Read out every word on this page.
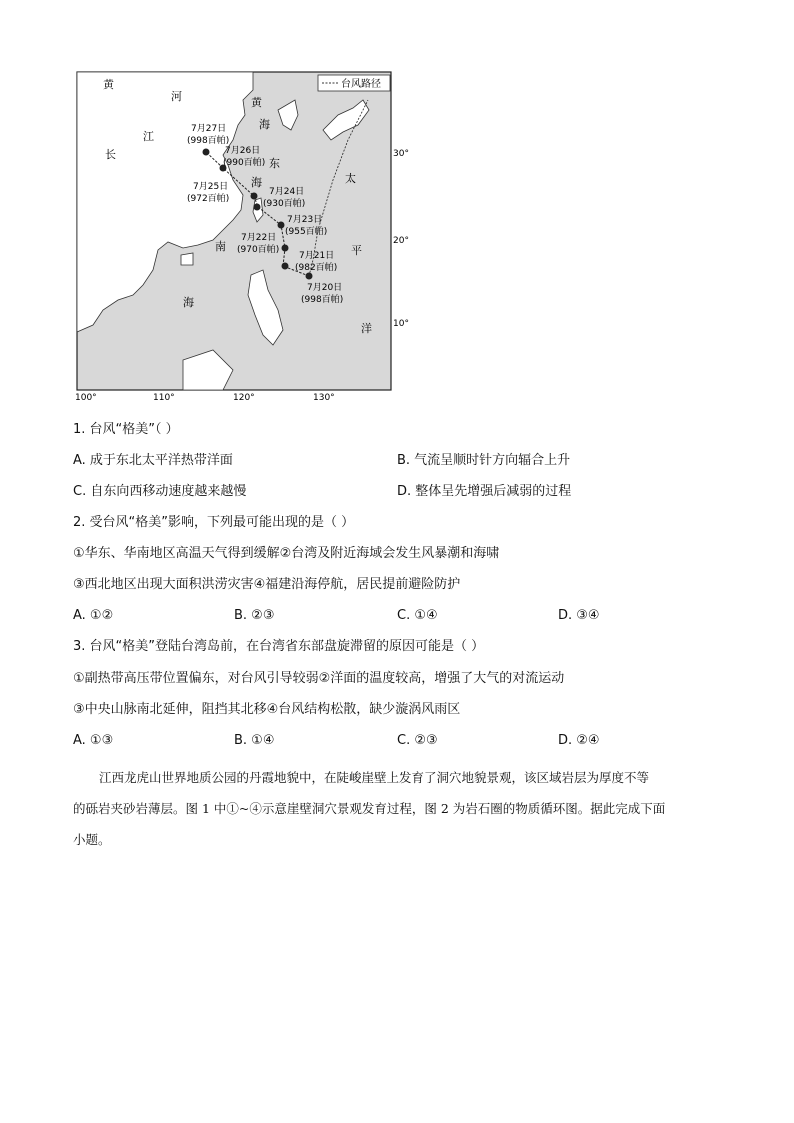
30°
20°
10°
100°	110°	120°	130°
台风路径
黄
河
长
江
黄
海
东
海	太
平
洋
南
海
7月20日
(998百帕)
7月21日
(982百帕)
7月22日
(970百帕)
7月23日
(955百帕)
7月24日
(930百帕)
7月25日
(972百帕)
7月26日
(990百帕)
7月27日
(998百帕)
1. 台风“格美”（ ）
A. 成于东北太平洋热带洋面	B. 气流呈顺时针方向辐合上升
C. 自东向西移动速度越来越慢	D. 整体呈先增强后减弱的过程
2. 受台风“格美”影响，下列最可能出现的是（ ）
①华东、华南地区高温天气得到缓解②台湾及附近海域会发生风暴潮和海啸
③西北地区出现大面积洪涝灾害④福建沿海停航，居民提前避险防护
A. ①②	B. ②③	C. ①④	D. ③④
3. 台风“格美”登陆台湾岛前，在台湾省东部盘旋滞留的原因可能是（ ）
①副热带高压带位置偏东，对台风引导较弱②洋面的温度较高，增强了大气的对流运动
③中央山脉南北延伸，阻挡其北移④台风结构松散，缺少漩涡风雨区
A. ①③	B. ①④	C. ②③	D. ②④
江西龙虎山世界地质公园的丹霞地貌中，在陡峻崖壁上发育了洞穴地貌景观，该区域岩层为厚度不等
的砾岩夹砂岩薄层。图 1 中①~④示意崖壁洞穴景观发育过程，图 2 为岩石圈的物质循环图。据此完成下面
小题。
